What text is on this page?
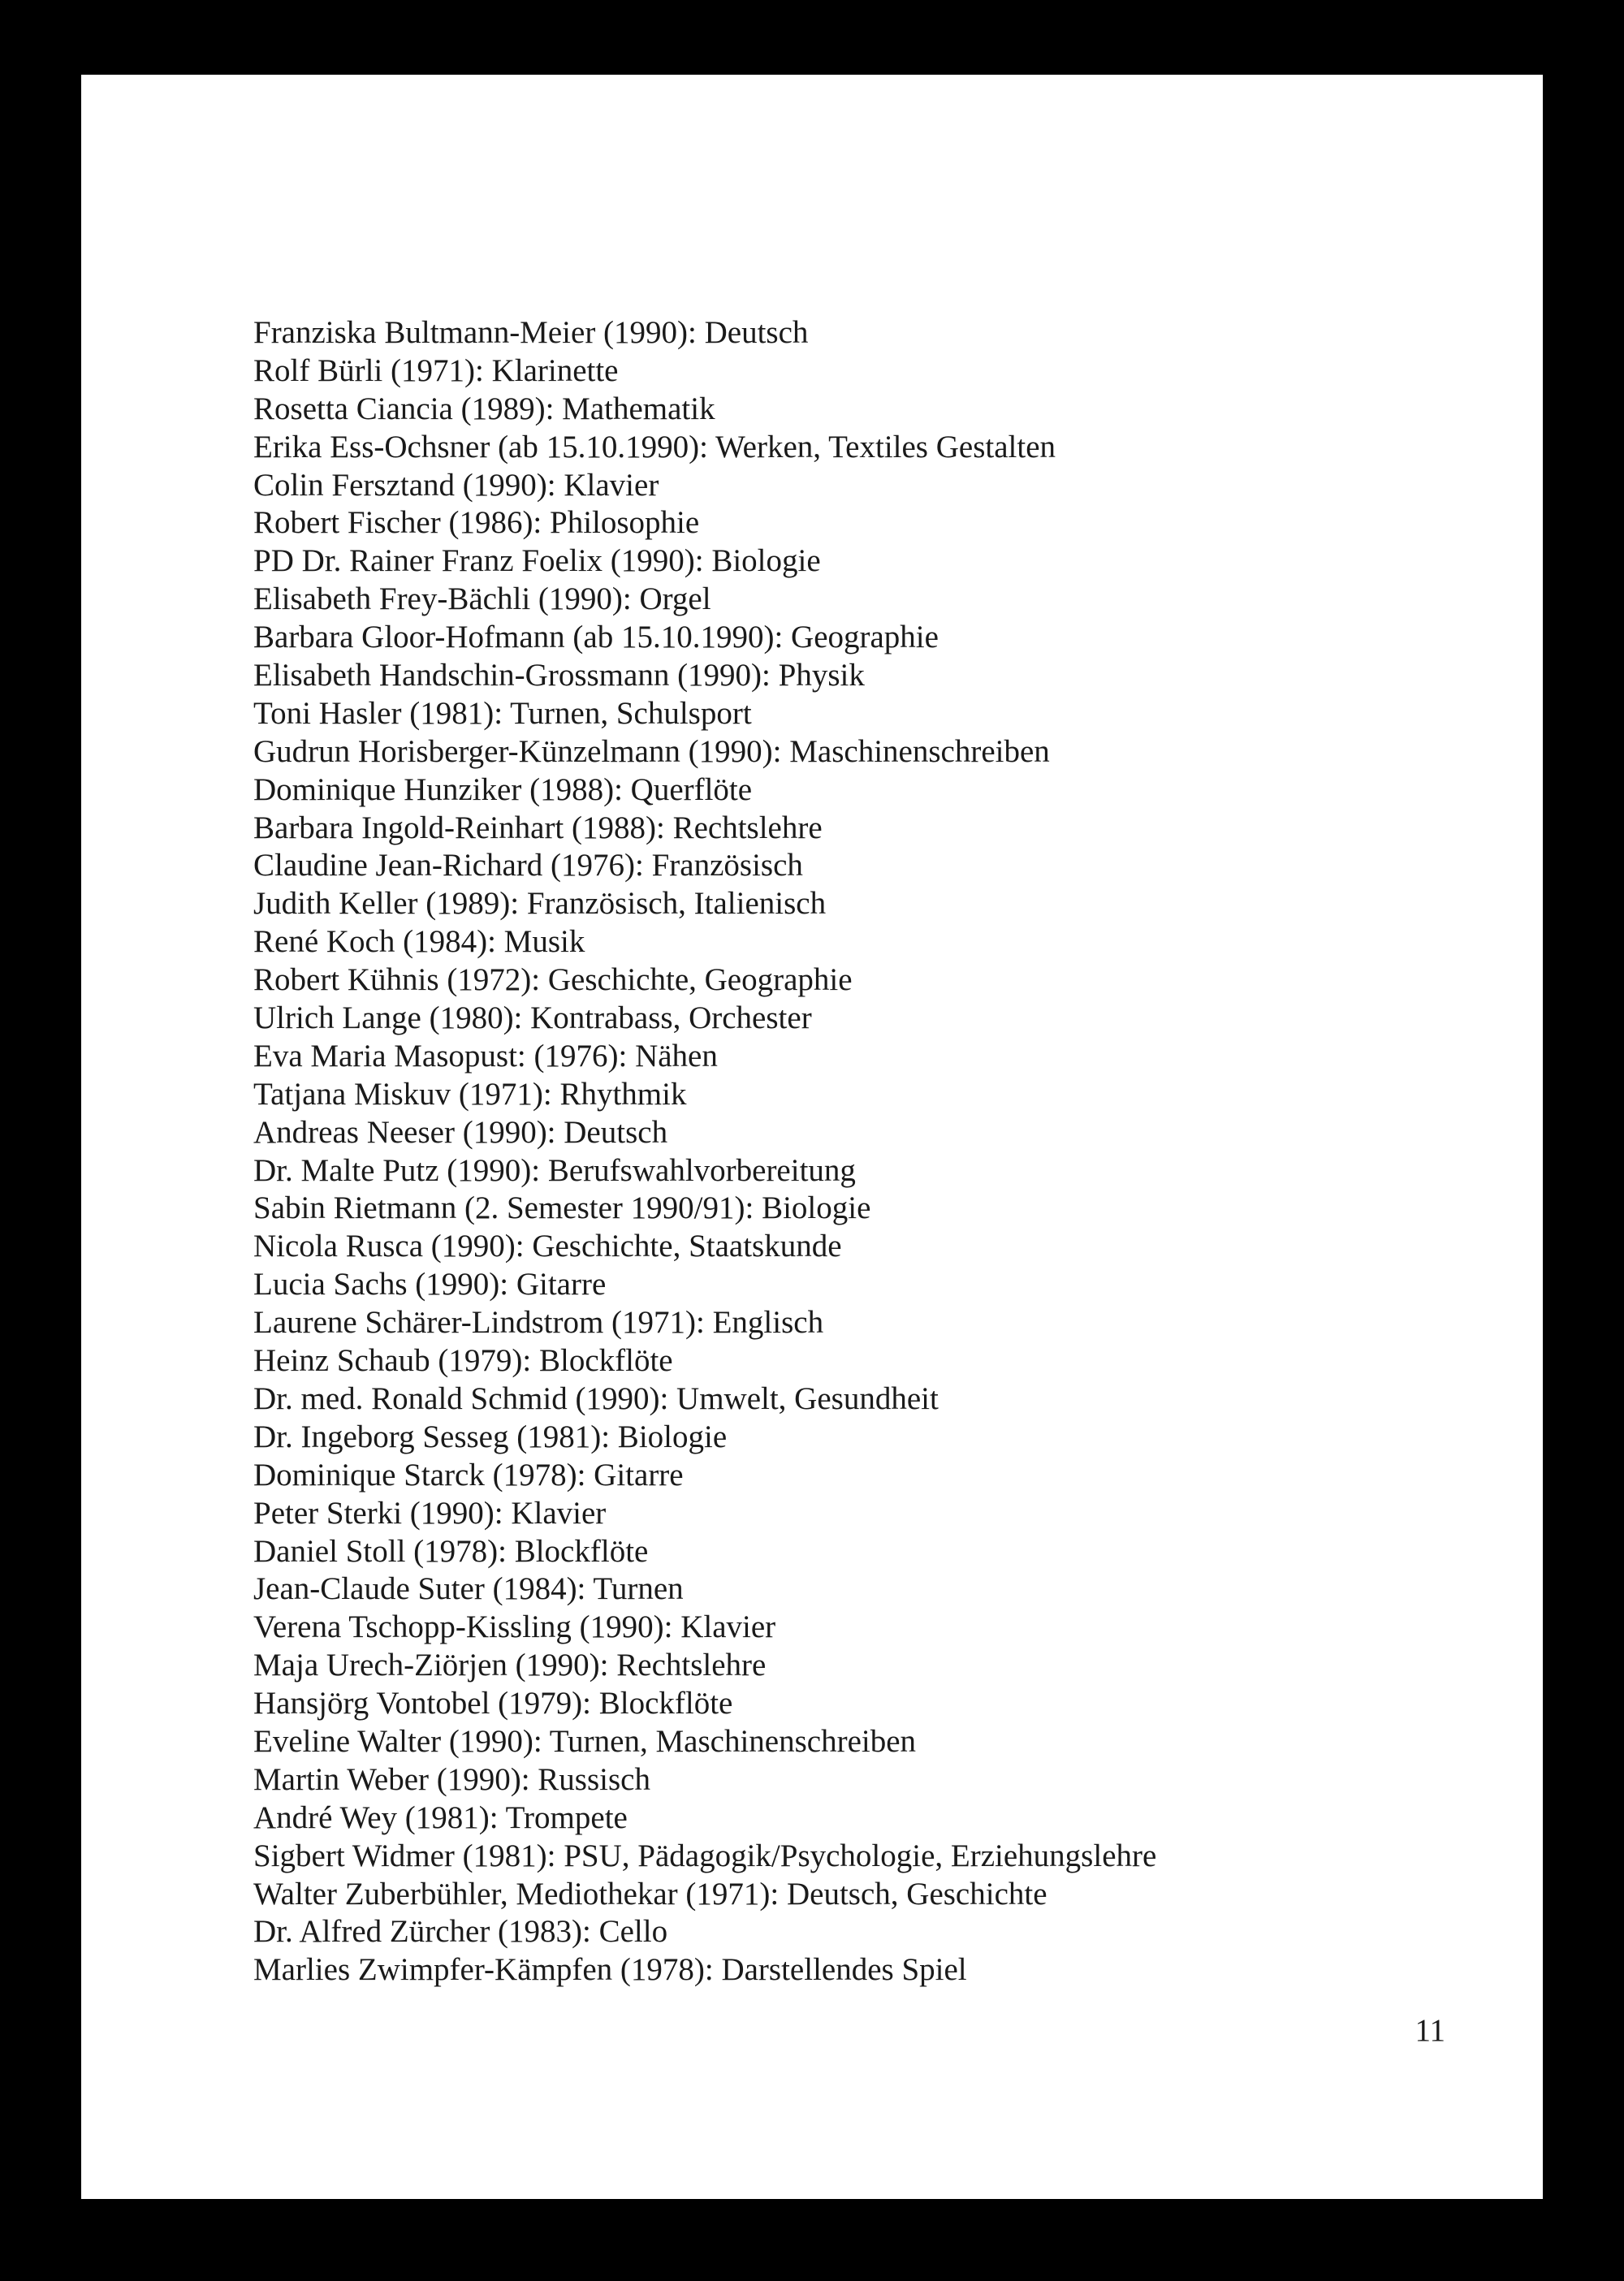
Franziska Bultmann-Meier (1990): Deutsch
Rolf Bürli (1971): Klarinette
Rosetta Ciancia (1989): Mathematik
Erika Ess-Ochsner (ab 15.10.1990): Werken, Textiles Gestalten
Colin Fersztand (1990): Klavier
Robert Fischer (1986): Philosophie
PD Dr. Rainer Franz Foelix (1990): Biologie
Elisabeth Frey-Bächli (1990): Orgel
Barbara Gloor-Hofmann (ab 15.10.1990): Geographie
Elisabeth Handschin-Grossmann (1990): Physik
Toni Hasler (1981): Turnen, Schulsport
Gudrun Horisberger-Künzelmann (1990): Maschinenschreiben
Dominique Hunziker (1988): Querflöte
Barbara Ingold-Reinhart (1988): Rechtslehre
Claudine Jean-Richard (1976): Französisch
Judith Keller (1989): Französisch, Italienisch
René Koch (1984): Musik
Robert Kühnis (1972): Geschichte, Geographie
Ulrich Lange (1980): Kontrabass, Orchester
Eva Maria Masopust: (1976): Nähen
Tatjana Miskuv (1971): Rhythmik
Andreas Neeser (1990): Deutsch
Dr. Malte Putz (1990): Berufswahlvorbereitung
Sabin Rietmann (2. Semester 1990/91): Biologie
Nicola Rusca (1990): Geschichte, Staatskunde
Lucia Sachs (1990): Gitarre
Laurene Schärer-Lindstrom (1971): Englisch
Heinz Schaub (1979): Blockflöte
Dr. med. Ronald Schmid (1990): Umwelt, Gesundheit
Dr. Ingeborg Sesseg (1981): Biologie
Dominique Starck (1978): Gitarre
Peter Sterki (1990): Klavier
Daniel Stoll (1978): Blockflöte
Jean-Claude Suter (1984): Turnen
Verena Tschopp-Kissling (1990): Klavier
Maja Urech-Ziörjen (1990): Rechtslehre
Hansjörg Vontobel (1979): Blockflöte
Eveline Walter (1990): Turnen, Maschinenschreiben
Martin Weber (1990): Russisch
André Wey (1981): Trompete
Sigbert Widmer (1981): PSU, Pädagogik/Psychologie, Erziehungslehre
Walter Zuberbühler, Mediothekar (1971): Deutsch, Geschichte
Dr. Alfred Zürcher (1983): Cello
Marlies Zwimpfer-Kämpfen (1978): Darstellendes Spiel
11
